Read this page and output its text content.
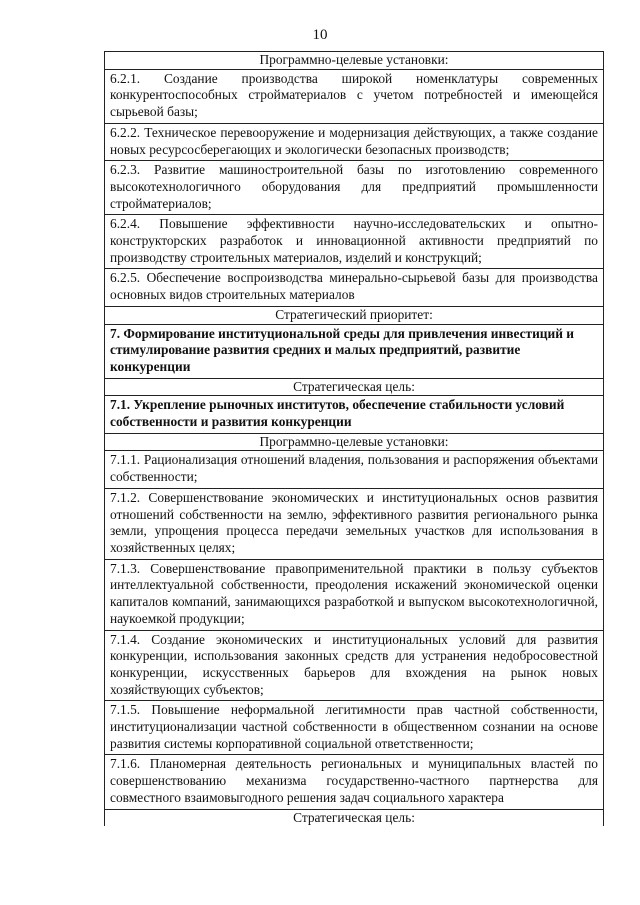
10
Программно-целевые установки:
6.2.1. Создание производства широкой номенклатуры современных конкурентоспособных стройматериалов с учетом потребностей и имеющейся сырьевой базы;
6.2.2. Техническое перевооружение и модернизация действующих, а также создание новых ресурсосберегающих и экологически безопасных производств;
6.2.3. Развитие машиностроительной базы по изготовлению современного высокотехнологичного оборудования для предприятий промышленности стройматериалов;
6.2.4. Повышение эффективности научно-исследовательских и опытно-конструкторских разработок и инновационной активности предприятий по производству строительных материалов, изделий и конструкций;
6.2.5. Обеспечение воспроизводства минерально-сырьевой базы для производства основных видов строительных материалов
Стратегический приоритет:
7. Формирование институциональной среды для привлечения инвестиций и стимулирование развития средних и малых предприятий, развитие конкуренции
Стратегическая цель:
7.1. Укрепление рыночных институтов, обеспечение стабильности условий собственности и развития конкуренции
Программно-целевые установки:
7.1.1. Рационализация отношений владения, пользования и распоряжения объектами собственности;
7.1.2. Совершенствование экономических и институциональных основ развития отношений собственности на землю, эффективного развития регионального рынка земли, упрощения процесса передачи земельных участков для использования в хозяйственных целях;
7.1.3. Совершенствование правоприменительной практики в пользу субъектов интеллектуальной собственности, преодоления искажений экономической оценки капиталов компаний, занимающихся разработкой и выпуском высокотехнологичной, наукоемкой продукции;
7.1.4. Создание экономических и институциональных условий для развития конкуренции, использования законных средств для устранения недобросовестной конкуренции, искусственных барьеров для вхождения на рынок новых хозяйствующих субъектов;
7.1.5. Повышение неформальной легитимности прав частной собственности, институционализации частной собственности в общественном сознании на основе развития системы корпоративной социальной ответственности;
7.1.6. Планомерная деятельность региональных и муниципальных властей по совершенствованию механизма государственно-частного партнерства для совместного взаимовыгодного решения задач социального характера
Стратегическая цель:
